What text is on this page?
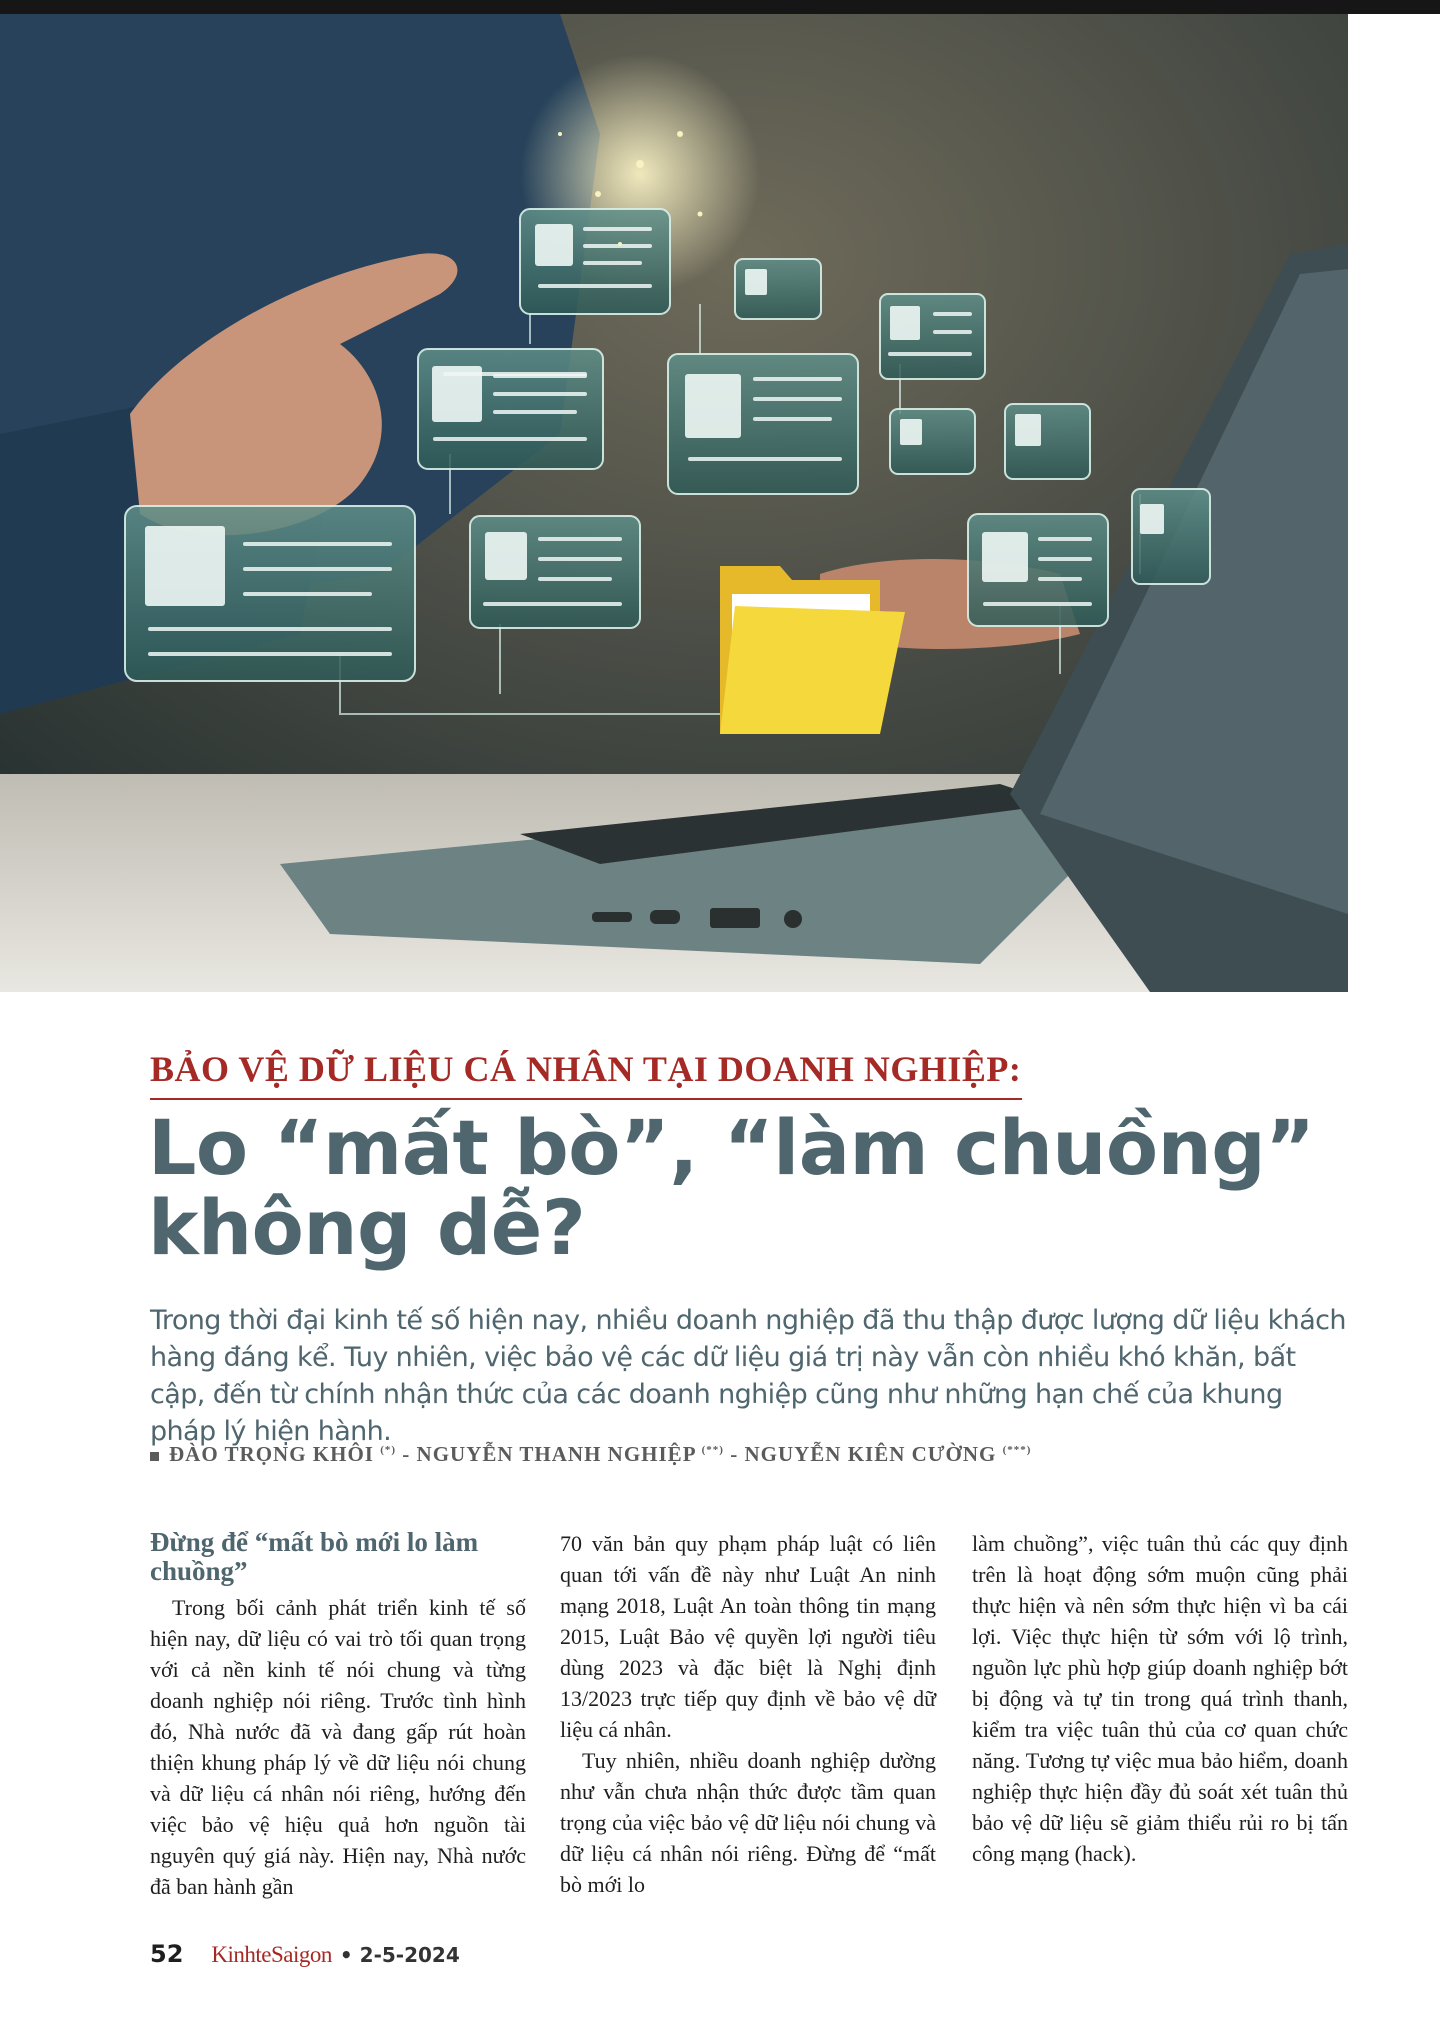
BẢO VỆ DỮ LIỆU CÁ NHÂN TẠI DOANH NGHIỆP:
Lo “mất bò”, “làm chuồng”
không dễ?
Trong thời đại kinh tế số hiện nay, nhiều doanh nghiệp đã thu thập được lượng dữ liệu khách hàng đáng kể. Tuy nhiên, việc bảo vệ các dữ liệu giá trị này vẫn còn nhiều khó khăn, bất cập, đến từ chính nhận thức của các doanh nghiệp cũng như những hạn chế của khung pháp lý hiện hành.
ĐÀO TRỌNG KHÔI (*) - NGUYỄN THANH NGHIỆP (**) - NGUYỄN KIÊN CƯỜNG (***)
Đừng để “mất bò mới lo làm chuồng”

Trong bối cảnh phát triển kinh tế số hiện nay, dữ liệu có vai trò tối quan trọng với cả nền kinh tế nói chung và từng doanh nghiệp nói riêng. Trước tình hình đó, Nhà nước đã và đang gấp rút hoàn thiện khung pháp lý về dữ liệu nói chung và dữ liệu cá nhân nói riêng, hướng đến việc bảo vệ hiệu quả hơn nguồn tài nguyên quý giá này. Hiện nay, Nhà nước đã ban hành gần

70 văn bản quy phạm pháp luật có liên quan tới vấn đề này như Luật An ninh mạng 2018, Luật An toàn thông tin mạng 2015, Luật Bảo vệ quyền lợi người tiêu dùng 2023 và đặc biệt là Nghị định 13/2023 trực tiếp quy định về bảo vệ dữ liệu cá nhân.

Tuy nhiên, nhiều doanh nghiệp dường như vẫn chưa nhận thức được tầm quan trọng của việc bảo vệ dữ liệu nói chung và dữ liệu cá nhân nói riêng. Đừng để “mất bò mới lo

làm chuồng”, việc tuân thủ các quy định trên là hoạt động sớm muộn cũng phải thực hiện và nên sớm thực hiện vì ba cái lợi. Việc thực hiện từ sớm với lộ trình, nguồn lực phù hợp giúp doanh nghiệp bớt bị động và tự tin trong quá trình thanh, kiểm tra việc tuân thủ của cơ quan chức năng. Tương tự việc mua bảo hiểm, doanh nghiệp thực hiện đầy đủ soát xét tuân thủ bảo vệ dữ liệu sẽ giảm thiểu rủi ro bị tấn công mạng (hack).

52 KinhteSaigon • 2-5-2024
